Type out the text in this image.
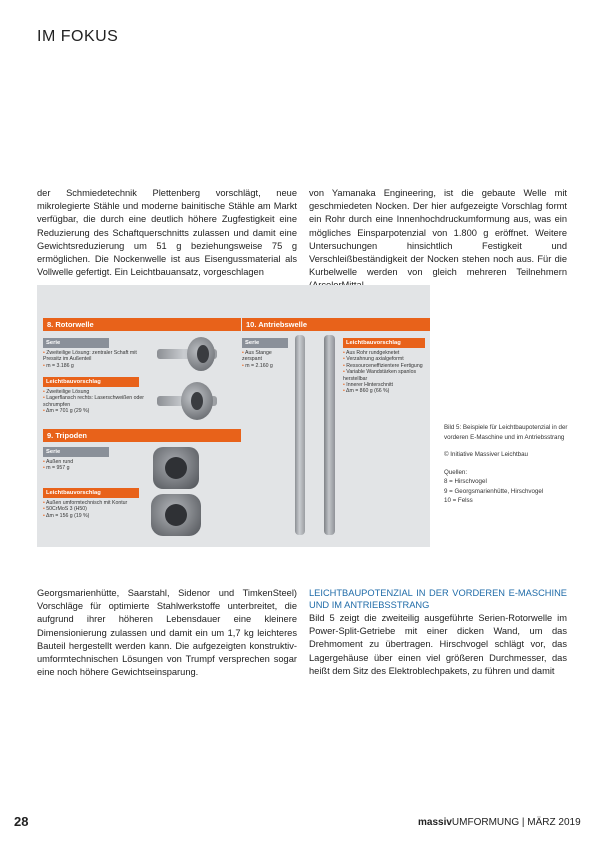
IM FOKUS

der Schmiedetechnik Plettenberg vorschlägt, neue mikrolegierte Stähle und moderne bainitische Stähle am Markt verfügbar, die durch eine deutlich höhere Zugfestigkeit eine Reduzierung des Schaftquerschnitts zulassen und damit eine Gewichtsreduzierung um 51 g beziehungsweise 75 g ermöglichen. Die Nockenwelle ist aus Eisengussmaterial als Vollwelle gefertigt. Ein Leichtbauansatz, vorgeschlagen

von Yamanaka Engineering, ist die gebaute Welle mit geschmiedeten Nocken. Der hier aufgezeigte Vorschlag formt ein Rohr durch eine Innenhochdruckumformung aus, was ein mögliches Einsparpotenzial von 1.800 g eröffnet. Weitere Untersuchungen hinsichtlich Festigkeit und Verschleißbeständigkeit der Nocken stehen noch aus. Für die Kurbelwelle werden von gleich mehreren Teilnehmern

8. Rotorwelle
Serie
• Zweiteilige Lösung: zentraler Schaft mit Pressitz im Außenteil
• m = 3.186 g
Leichtbauvorschlag
• Zweiteilige Lösung
• Lagerflansch rechts: Laserschweißen oder schrumpfen
• Δm = 701 g (29 %)
9. Tripoden
Serie
• Außen rund
• m = 957 g
Leichtbauvorschlag
• Außen umformtechnisch mit Kontur
• 50CrMoS 3 (H50)
• Δm = 156 g (19 %)
10. Antriebswelle
Serie
• Aus Stange zerspant
• m = 2.160 g
Leichtbauvorschlag
• Aus Rohr rundgeknetet
• Verzahnung axialgeformt
• Ressourceneffizientere Fertigung
• Variable Wandstärken spanlos herstellbar
• Innerer Hinterschnitt
• Δm = 860 g (66 %)

Bild 5: Beispiele für Leichtbaupotenzial in der vorderen E-Maschine und im Antriebsstrang

© Initiative Massiver Leichtbau

Quellen:

8 = Hirschvogel

9 = Georgsmarienhütte, Hirschvogel

10 = Felss

Georgsmarienhütte, Saarstahl, Sidenor und TimkenSteel) Vorschläge für optimierte Stahlwerkstoffe unterbreitet, die aufgrund ihrer höheren Lebensdauer eine kleinere Dimensionierung zulassen und damit ein um 1,7 kg leichteres Bauteil hergestellt werden kann. Die aufgezeigten konstruktiv-umformtechnischen Lösungen von Trumpf versprechen sogar eine noch höhere Gewichtseinsparung.

LEICHTBAUPOTENZIAL IN DER VORDEREN E-MASCHINE UND IM ANTRIEBSSTRANG

Bild 5 zeigt die zweiteilig ausgeführte Serien-Rotorwelle im Power-Split-Getriebe mit einer dicken Wand, um das Drehmoment zu übertragen. Hirschvogel schlägt vor, das Lagergehäuse über einen viel größeren Durchmesser, das heißt dem Sitz des Elektroblechpakets, zu führen und damit

28	massivUMFORMUNG | MÄRZ 2019
